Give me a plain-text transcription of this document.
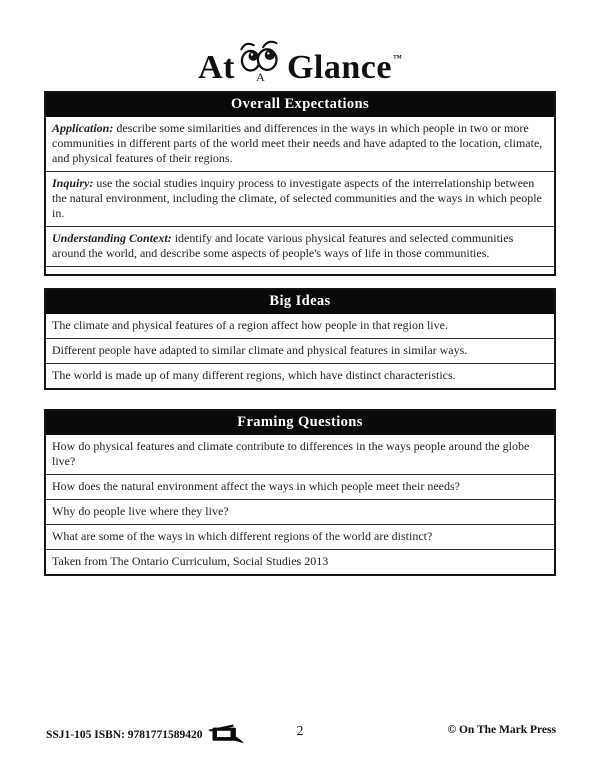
At A Glance ™
Overall Expectations
Application: describe some similarities and differences in the ways in which people in two or more communities in different parts of the world meet their needs and have adapted to the location, climate, and physical features of their regions.
Inquiry: use the social studies inquiry process to investigate aspects of the interrelationship between the natural environment, including the climate, of selected communities and the ways in which people in.
Understanding Context: identify and locate various physical features and selected communities around the world, and describe some aspects of people's ways of life in those communities.
Big Ideas
The climate and physical features of a region affect how people in that region live.
Different people have adapted to similar climate and physical features in similar ways.
The world is made up of many different regions, which have distinct characteristics.
Framing Questions
How do physical features and climate contribute to differences in the ways people around the globe live?
How does the natural environment affect the ways in which people meet their needs?
Why do people live where they live?
What are some of the ways in which different regions of the world are distinct?
Taken from The Ontario Curriculum, Social Studies 2013
SSJ1-105 ISBN: 9781771589420	2	© On The Mark Press
